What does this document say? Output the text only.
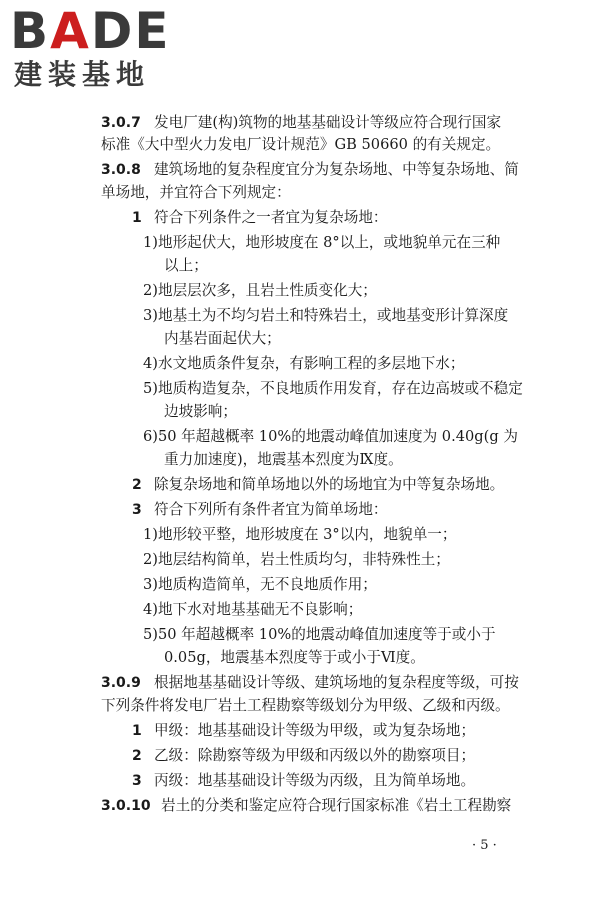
BADE
建装基地
3.0.7 发电厂建(构)筑物的地基基础设计等级应符合现行国家
标准《大中型火力发电厂设计规范》GB 50660 的有关规定。
3.0.8 建筑场地的复杂程度宜分为复杂场地、中等复杂场地、简
单场地，并宜符合下列规定：
1 符合下列条件之一者宜为复杂场地：
1)地形起伏大，地形坡度在 8°以上，或地貌单元在三种
以上；
2)地层层次多，且岩土性质变化大；
3)地基土为不均匀岩土和特殊岩土，或地基变形计算深度
内基岩面起伏大；
4)水文地质条件复杂，有影响工程的多层地下水；
5)地质构造复杂，不良地质作用发育，存在边高坡或不稳定
边坡影响；
6)50 年超越概率 10%的地震动峰值加速度为 0.40g(g 为
重力加速度)，地震基本烈度为Ⅸ度。
2 除复杂场地和简单场地以外的场地宜为中等复杂场地。
3 符合下列所有条件者宜为简单场地：
1)地形较平整，地形坡度在 3°以内，地貌单一；
2)地层结构简单，岩土性质均匀，非特殊性土；
3)地质构造简单，无不良地质作用；
4)地下水对地基基础无不良影响；
5)50 年超越概率 10%的地震动峰值加速度等于或小于
0.05g，地震基本烈度等于或小于Ⅵ度。
3.0.9 根据地基基础设计等级、建筑场地的复杂程度等级，可按
下列条件将发电厂岩土工程勘察等级划分为甲级、乙级和丙级。
1 甲级：地基基础设计等级为甲级，或为复杂场地；
2 乙级：除勘察等级为甲级和丙级以外的勘察项目；
3 丙级：地基基础设计等级为丙级，且为简单场地。
3.0.10 岩土的分类和鉴定应符合现行国家标准《岩土工程勘察
· 5 ·
